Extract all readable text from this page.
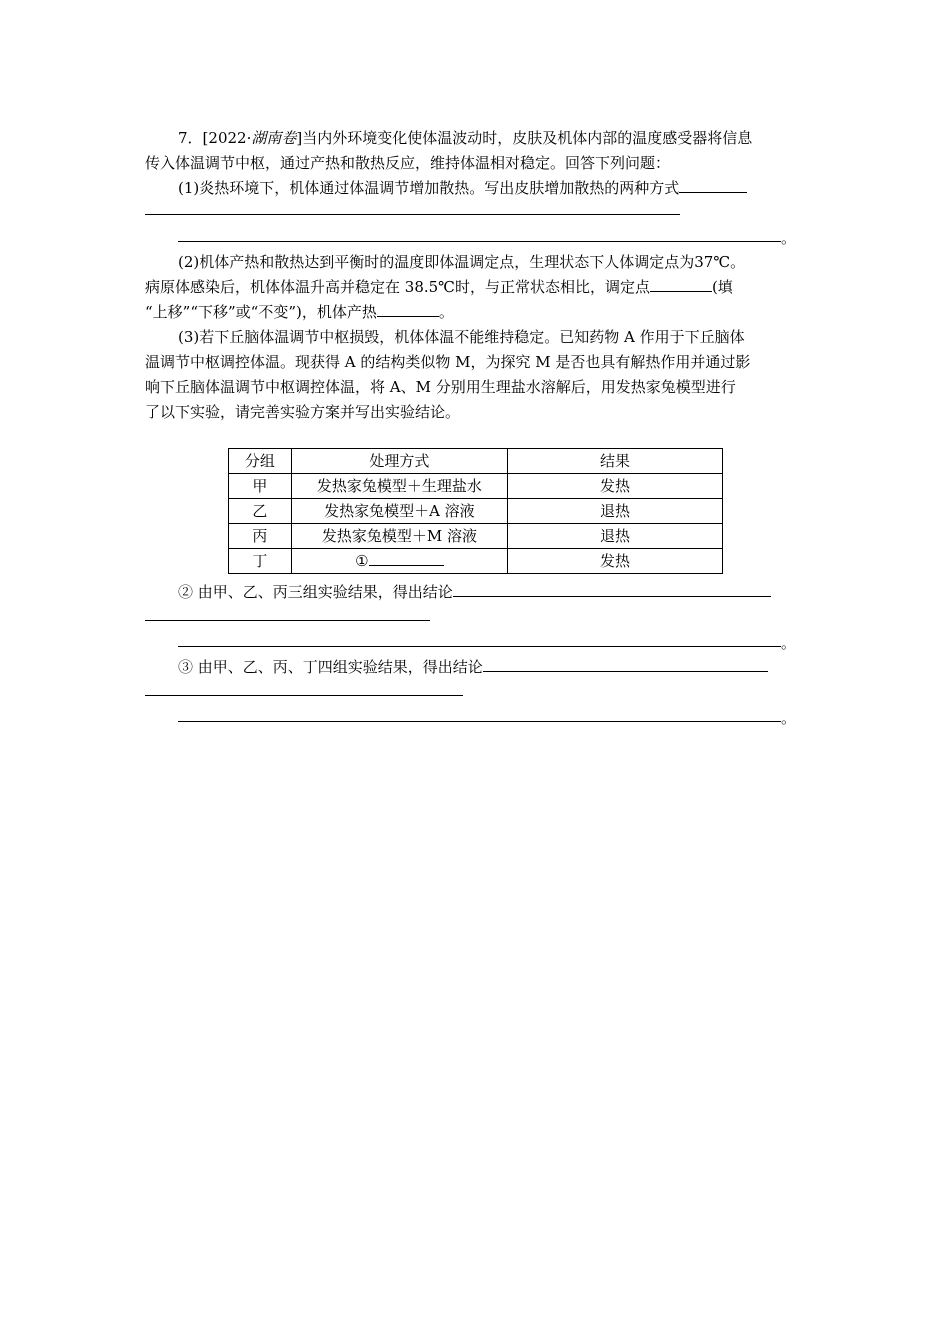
7．[2022·湖南卷]当内外环境变化使体温波动时，皮肤及机体内部的温度感受器将信息
传入体温调节中枢，通过产热和散热反应，维持体温相对稳定。回答下列问题：
(1)炎热环境下，机体通过体温调节增加散热。写出皮肤增加散热的两种方式
。
(2)机体产热和散热达到平衡时的温度即体温调定点，生理状态下人体调定点为37℃。
病原体感染后，机体体温升高并稳定在 38.5℃时，与正常状态相比，调定点	(填
“上移”“下移”或“不变”)，机体产热	。
(3)若下丘脑体温调节中枢损毁，机体体温不能维持稳定。已知药物 A 作用于下丘脑体
温调节中枢调控体温。现获得 A 的结构类似物 M，为探究 M 是否也具有解热作用并通过影
响下丘脑体温调节中枢调控体温，将 A、M 分别用生理盐水溶解后，用发热家兔模型进行
了以下实验，请完善实验方案并写出实验结论。
分组	处理方式	结果
甲	发热家兔模型＋生理盐水	发热
乙	发热家兔模型＋A 溶液	退热
丙	发热家兔模型＋M 溶液	退热
丁	①	发热
② 由甲、乙、丙三组实验结果，得出结论
。
③ 由甲、乙、丙、丁四组实验结果，得出结论
。
